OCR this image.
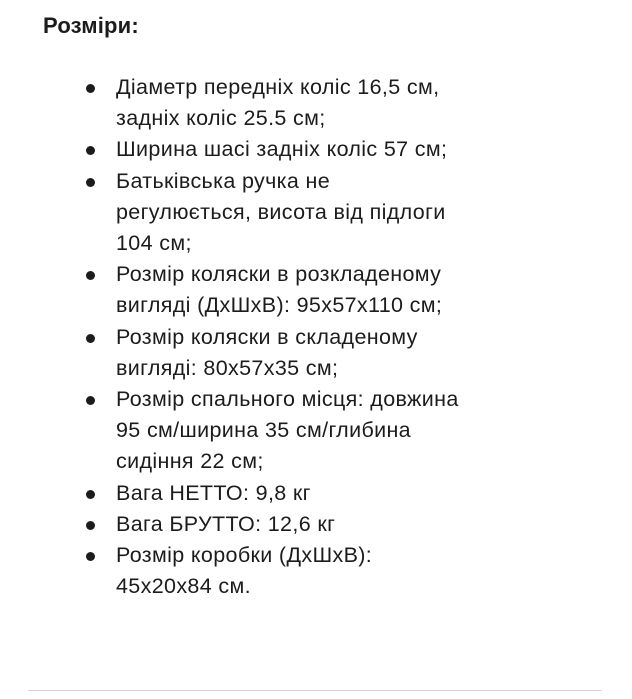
Розміри:
Діаметр передніх коліс 16,5 см,
задніх коліс 25.5 см;
Ширина шасі задніх коліс 57 см;
Батьківська ручка не
регулюється, висота від підлоги
104 см;
Розмір коляски в розкладеному
вигляді (ДхШхВ): 95х57х110 см;
Розмір коляски в складеному
вигляді: 80х57х35 см;
Розмір спального місця: довжина
95 см/ширина 35 см/глибина
сидіння 22 см;
Вага НЕТТО: 9,8 кг
Вага БРУТТО: 12,6 кг
Розмір коробки (ДхШхВ):
45х20х84 см.
